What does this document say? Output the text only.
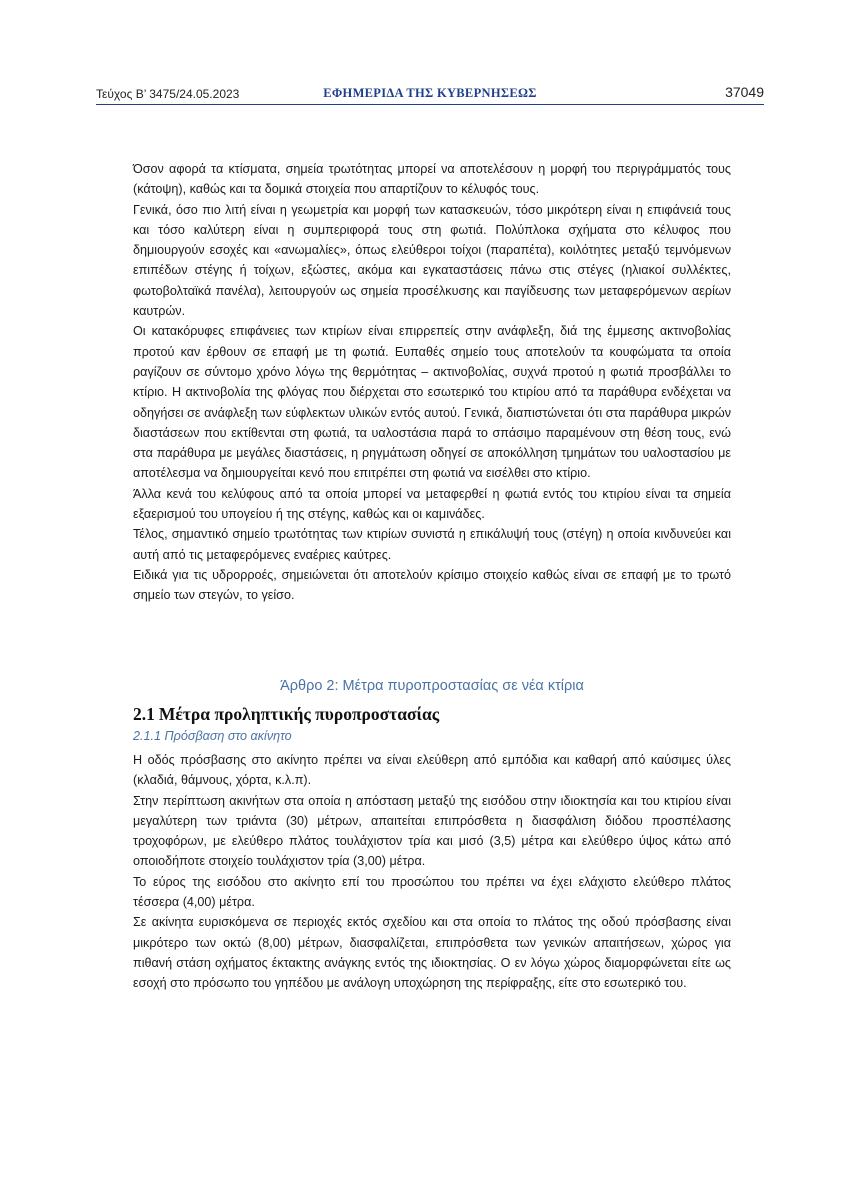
Τεύχος Β’ 3475/24.05.2023	ΕΦΗΜΕΡΙΔΑ ΤΗΣ ΚΥΒΕΡΝΗΣΕΩΣ	37049

Όσον αφορά τα κτίσματα, σημεία τρωτότητας μπορεί να αποτελέσουν η μορφή του περιγράμματός τους (κάτοψη), καθώς και τα δομικά στοιχεία που απαρτίζουν το κέλυφός τους.

Γενικά, όσο πιο λιτή είναι η γεωμετρία και μορφή των κατασκευών, τόσο μικρότερη είναι η επιφάνειά τους και τόσο καλύτερη είναι η συμπεριφορά τους στη φωτιά. Πολύπλοκα σχήματα στο κέλυφος που δημιουργούν εσοχές και «ανωμαλίες», όπως ελεύθεροι τοίχοι (παραπέτα), κοιλότητες μεταξύ τεμνόμενων επιπέδων στέγης ή τοίχων, εξώστες, ακόμα και εγκαταστάσεις πάνω στις στέγες (ηλιακοί συλλέκτες, φωτοβολταϊκά πανέλα), λειτουργούν ως σημεία προσέλκυσης και παγίδευσης των μεταφερόμενων αερίων καυτρών.

Οι κατακόρυφες επιφάνειες των κτιρίων είναι επιρρεπείς στην ανάφλεξη, διά της έμμεσης ακτινοβολίας προτού καν έρθουν σε επαφή με τη φωτιά. Ευπαθές σημείο τους αποτελούν τα κουφώματα τα οποία ραγίζουν σε σύντομο χρόνο λόγω της θερμότητας – ακτινοβολίας, συχνά προτού η φωτιά προσβάλλει το κτίριο. Η ακτινοβολία της φλόγας που διέρχεται στο εσωτερικό του κτιρίου από τα παράθυρα ενδέχεται να οδηγήσει σε ανάφλεξη των εύφλεκτων υλικών εντός αυτού. Γενικά, διαπιστώνεται ότι στα παράθυρα μικρών διαστάσεων που εκτίθενται στη φωτιά, τα υαλοστάσια παρά το σπάσιμο παραμένουν στη θέση τους, ενώ στα παράθυρα με μεγάλες διαστάσεις, η ρηγμάτωση οδηγεί σε αποκόλληση τμημάτων του υαλοστασίου με αποτέλεσμα να δημιουργείται κενό που επιτρέπει στη φωτιά να εισέλθει στο κτίριο.

Άλλα κενά του κελύφους από τα οποία μπορεί να μεταφερθεί η φωτιά εντός του κτιρίου είναι τα σημεία εξαερισμού του υπογείου ή της στέγης, καθώς και οι καμινάδες.

Τέλος, σημαντικό σημείο τρωτότητας των κτιρίων συνιστά η επικάλυψή τους (στέγη) η οποία κινδυνεύει και αυτή από τις μεταφερόμενες εναέριες καύτρες.

Ειδικά για τις υδρορροές, σημειώνεται ότι αποτελούν κρίσιμο στοιχείο καθώς είναι σε επαφή με το τρωτό σημείο των στεγών, το γείσο.

Άρθρο 2: Μέτρα πυροπροστασίας σε νέα κτίρια
2.1 Μέτρα προληπτικής πυροπροστασίας
2.1.1 Πρόσβαση στο ακίνητο

Η οδός πρόσβασης στο ακίνητο πρέπει να είναι ελεύθερη από εμπόδια και καθαρή από καύσιμες ύλες (κλαδιά, θάμνους, χόρτα, κ.λ.π).

Στην περίπτωση ακινήτων στα οποία η απόσταση μεταξύ της εισόδου στην ιδιοκτησία και του κτιρίου είναι μεγαλύτερη των τριάντα (30) μέτρων, απαιτείται επιπρόσθετα η διασφάλιση διόδου προσπέλασης τροχοφόρων, με ελεύθερο πλάτος τουλάχιστον τρία και μισό (3,5) μέτρα και ελεύθερο ύψος κάτω από οποιοδήποτε στοιχείο τουλάχιστον τρία (3,00) μέτρα.

Το εύρος της εισόδου στο ακίνητο επί του προσώπου του πρέπει να έχει ελάχιστο ελεύθερο πλάτος τέσσερα (4,00) μέτρα.

Σε ακίνητα ευρισκόμενα σε περιοχές εκτός σχεδίου και στα οποία το πλάτος της οδού πρόσβασης είναι μικρότερο των οκτώ (8,00) μέτρων, διασφαλίζεται, επιπρόσθετα των γενικών απαιτήσεων, χώρος για πιθανή στάση οχήματος έκτακτης ανάγκης εντός της ιδιοκτησίας. Ο εν λόγω χώρος διαμορφώνεται είτε ως εσοχή στο πρόσωπο του γηπέδου με ανάλογη υποχώρηση της περίφραξης, είτε στο εσωτερικό του.
